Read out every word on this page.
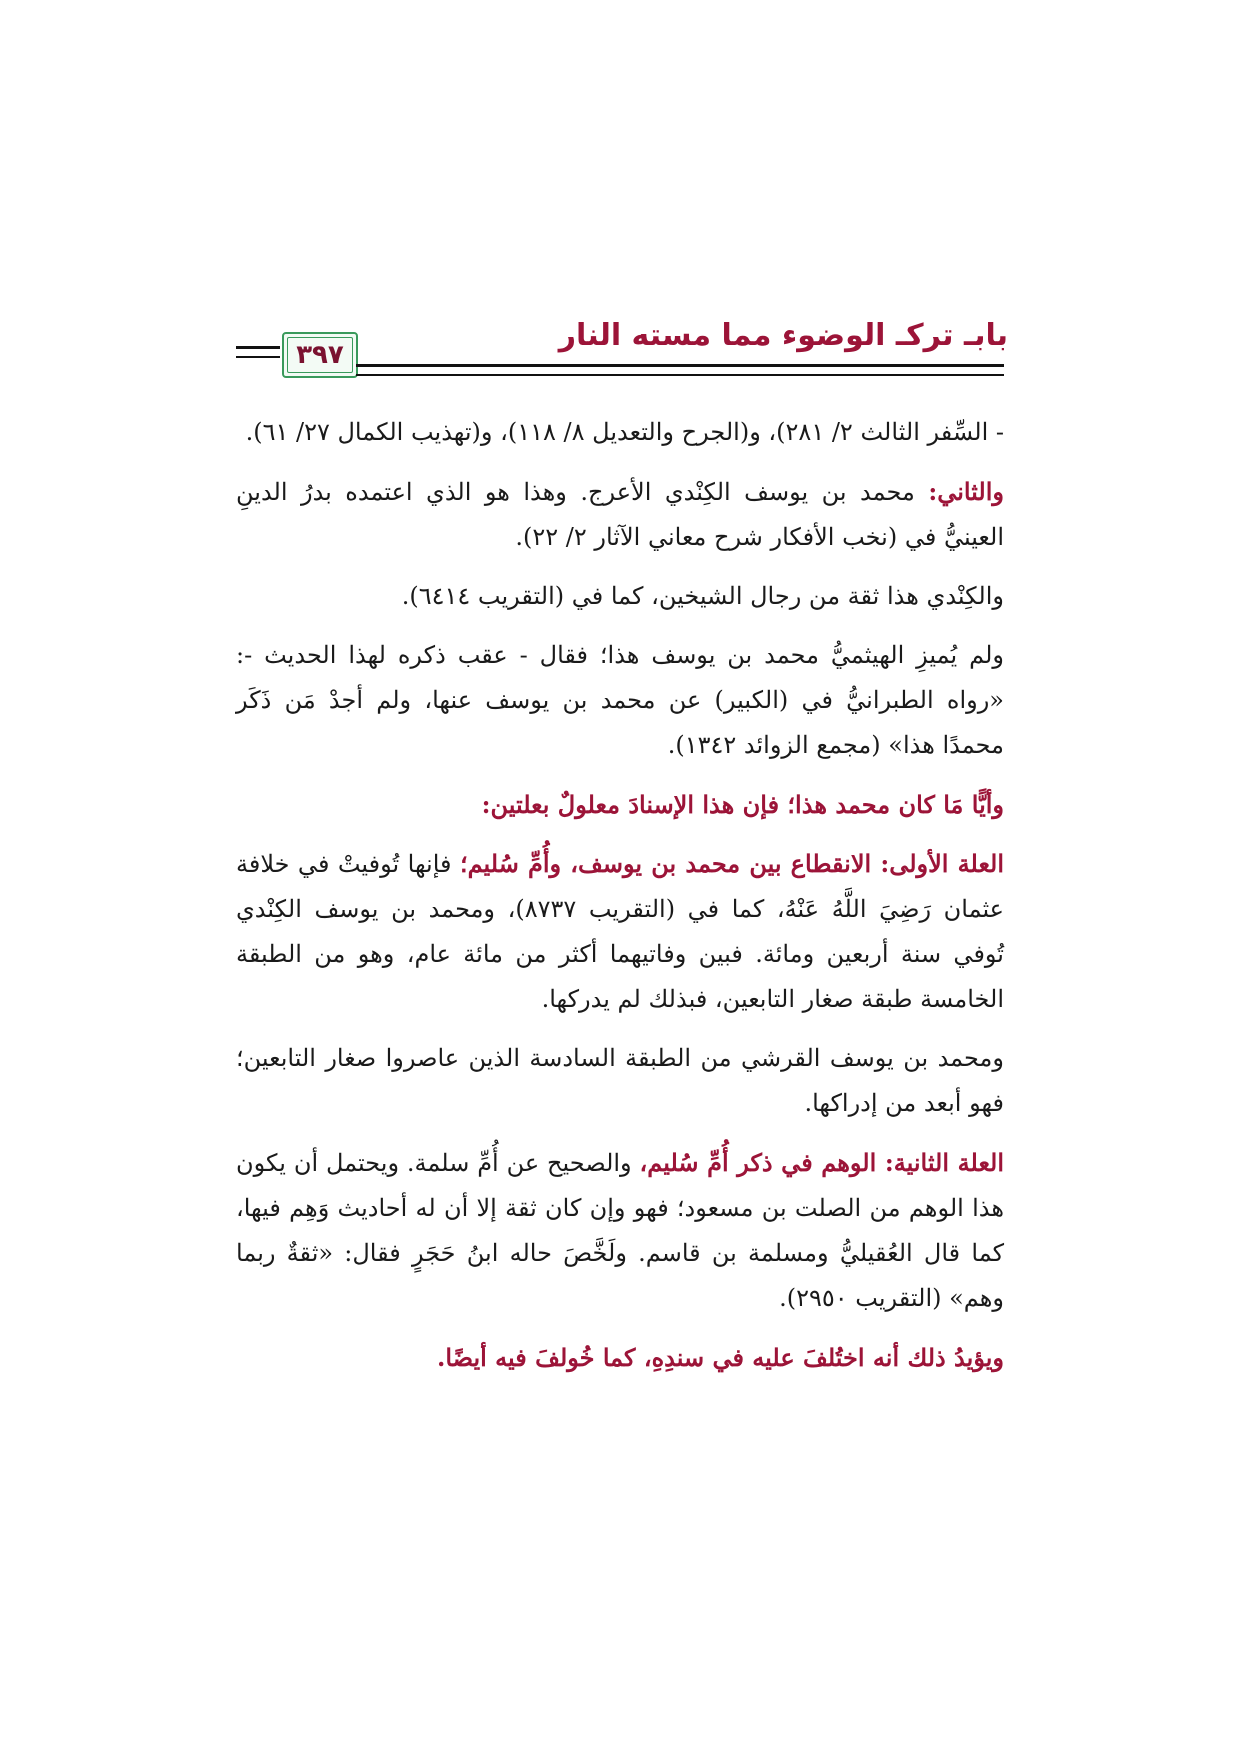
بابـ تركـ الوضوء مما مسته النار
٣٩٧

- السِّفر الثالث ٢/ ٢٨١)، و(الجرح والتعديل ٨/ ١١٨)، و(تهذيب الكمال ٢٧/ ٦١).

والثاني: محمد بن يوسف الكِنْدي الأعرج. وهذا هو الذي اعتمده بدرُ الدينِ العينيُّ في (نخب الأفكار شرح معاني الآثار ٢/ ٢٢).

والكِنْدي هذا ثقة من رجال الشيخين، كما في (التقريب ٦٤١٤).

ولم يُميزِ الهيثميُّ محمد بن يوسف هذا؛ فقال - عقب ذكره لهذا الحديث -: «رواه الطبرانيُّ في (الكبير) عن محمد بن يوسف عنها، ولم أجدْ مَن ذَكَر محمدًا هذا» (مجمع الزوائد ١٣٤٢).

وأيًّا مَا كان محمد هذا؛ فإن هذا الإسنادَ معلولٌ بعلتين:

العلة الأولى: الانقطاع بين محمد بن يوسف، وأُمِّ سُليم؛ فإنها تُوفيتْ في خلافة عثمان رَضِيَ اللَّهُ عَنْهُ، كما في (التقريب ٨٧٣٧)، ومحمد بن يوسف الكِنْدي تُوفي سنة أربعين ومائة. فبين وفاتيهما أكثر من مائة عام، وهو من الطبقة الخامسة طبقة صغار التابعين، فبذلك لم يدركها.

ومحمد بن يوسف القرشي من الطبقة السادسة الذين عاصروا صغار التابعين؛ فهو أبعد من إدراكها.

العلة الثانية: الوهم في ذكر أُمِّ سُليم، والصحيح عن أُمِّ سلمة. ويحتمل أن يكون هذا الوهم من الصلت بن مسعود؛ فهو وإن كان ثقة إلا أن له أحاديث وَهِم فيها، كما قال العُقيليُّ ومسلمة بن قاسم. ولَخَّصَ حاله ابنُ حَجَرٍ فقال: «ثقةٌ ربما وهم» (التقريب ٢٩٥٠).

ويؤيدُ ذلك أنه اختُلفَ عليه في سندِهِ، كما خُولفَ فيه أيضًا.
